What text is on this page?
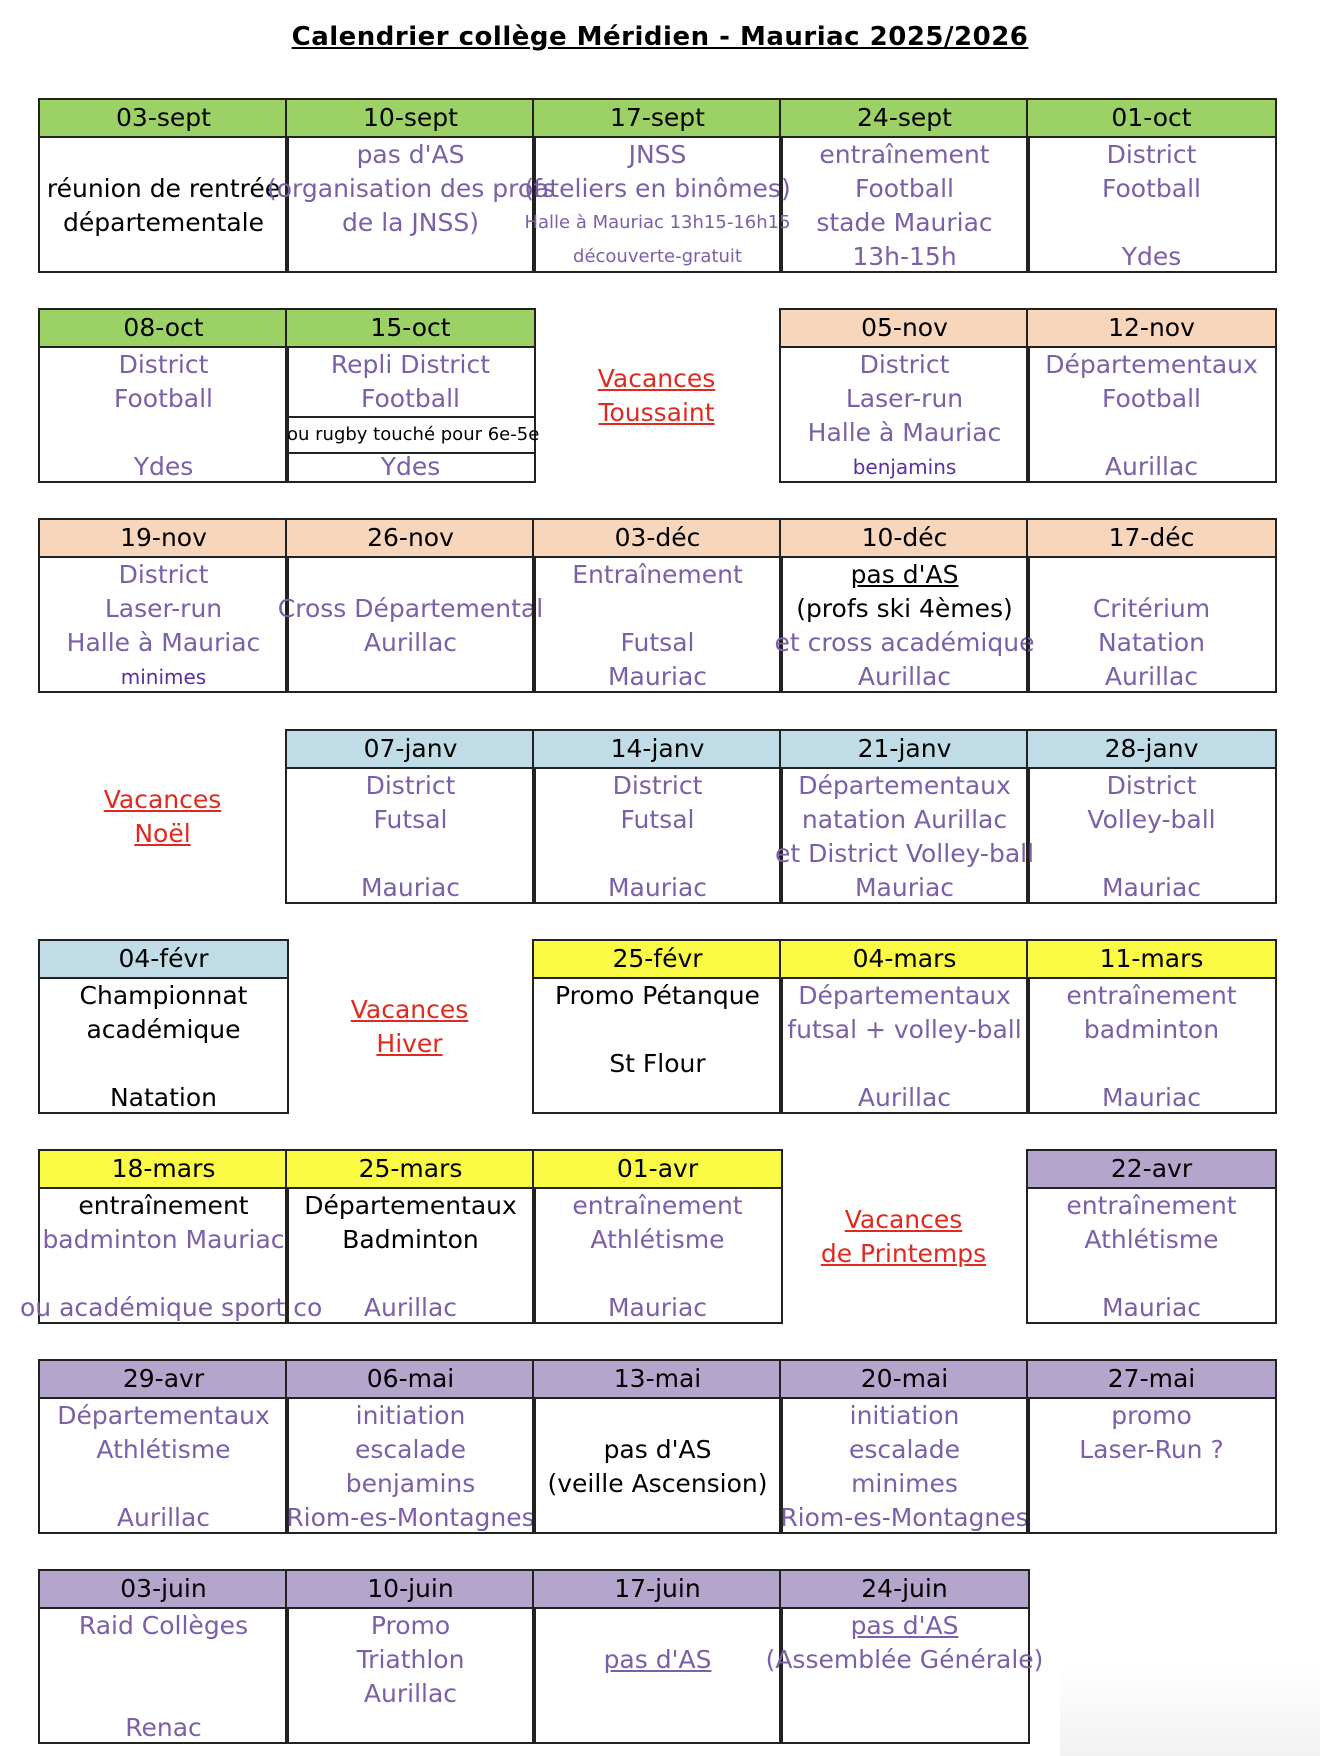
Calendrier collège Méridien - Mauriac 2025/2026
03-sept
réunion de rentrée
départementale
10-sept
pas d'AS
(organisation des profs
de la JNSS)
17-sept
JNSS
(ateliers en binômes)
Halle à Mauriac 13h15-16h15
découverte-gratuit
24-sept
entraînement
Football
stade Mauriac
13h-15h
01-oct
District
Football
Ydes
08-oct
District
Football
Ydes
15-oct
Repli District
Football
ou rugby touché pour 6e-5e
Ydes
05-nov
District
Laser-run
Halle à Mauriac
benjamins
12-nov
Départementaux
Football
Aurillac
Vacances
Toussaint
19-nov
District
Laser-run
Halle à Mauriac
minimes
26-nov
Cross Départemental
Aurillac
03-déc
Entraînement
Futsal
Mauriac
10-déc
pas d'AS
(profs ski 4èmes)
et cross académique
Aurillac
17-déc
Critérium
Natation
Aurillac
07-janv
District
Futsal
Mauriac
14-janv
District
Futsal
Mauriac
21-janv
Départementaux
natation Aurillac
et District Volley-ball
Mauriac
28-janv
District
Volley-ball
Mauriac
Vacances
Noël
04-févr
Championnat
académique
Natation
25-févr
Promo Pétanque
St Flour
04-mars
Départementaux
futsal + volley-ball
Aurillac
11-mars
entraînement
badminton
Mauriac
Vacances
Hiver
18-mars
entraînement
badminton Mauriac
ou académique sport co
25-mars
Départementaux
Badminton
Aurillac
01-avr
entraînement
Athlétisme
Mauriac
22-avr
entraînement
Athlétisme
Mauriac
Vacances
de Printemps
29-avr
Départementaux
Athlétisme
Aurillac
06-mai
initiation
escalade
benjamins
Riom-es-Montagnes
13-mai
pas d'AS
(veille Ascension)
20-mai
initiation
escalade
minimes
Riom-es-Montagnes
27-mai
promo
Laser-Run ?
03-juin
Raid Collèges
Renac
10-juin
Promo
Triathlon
Aurillac
17-juin
pas d'AS
24-juin
pas d'AS
(Assemblée Générale)
